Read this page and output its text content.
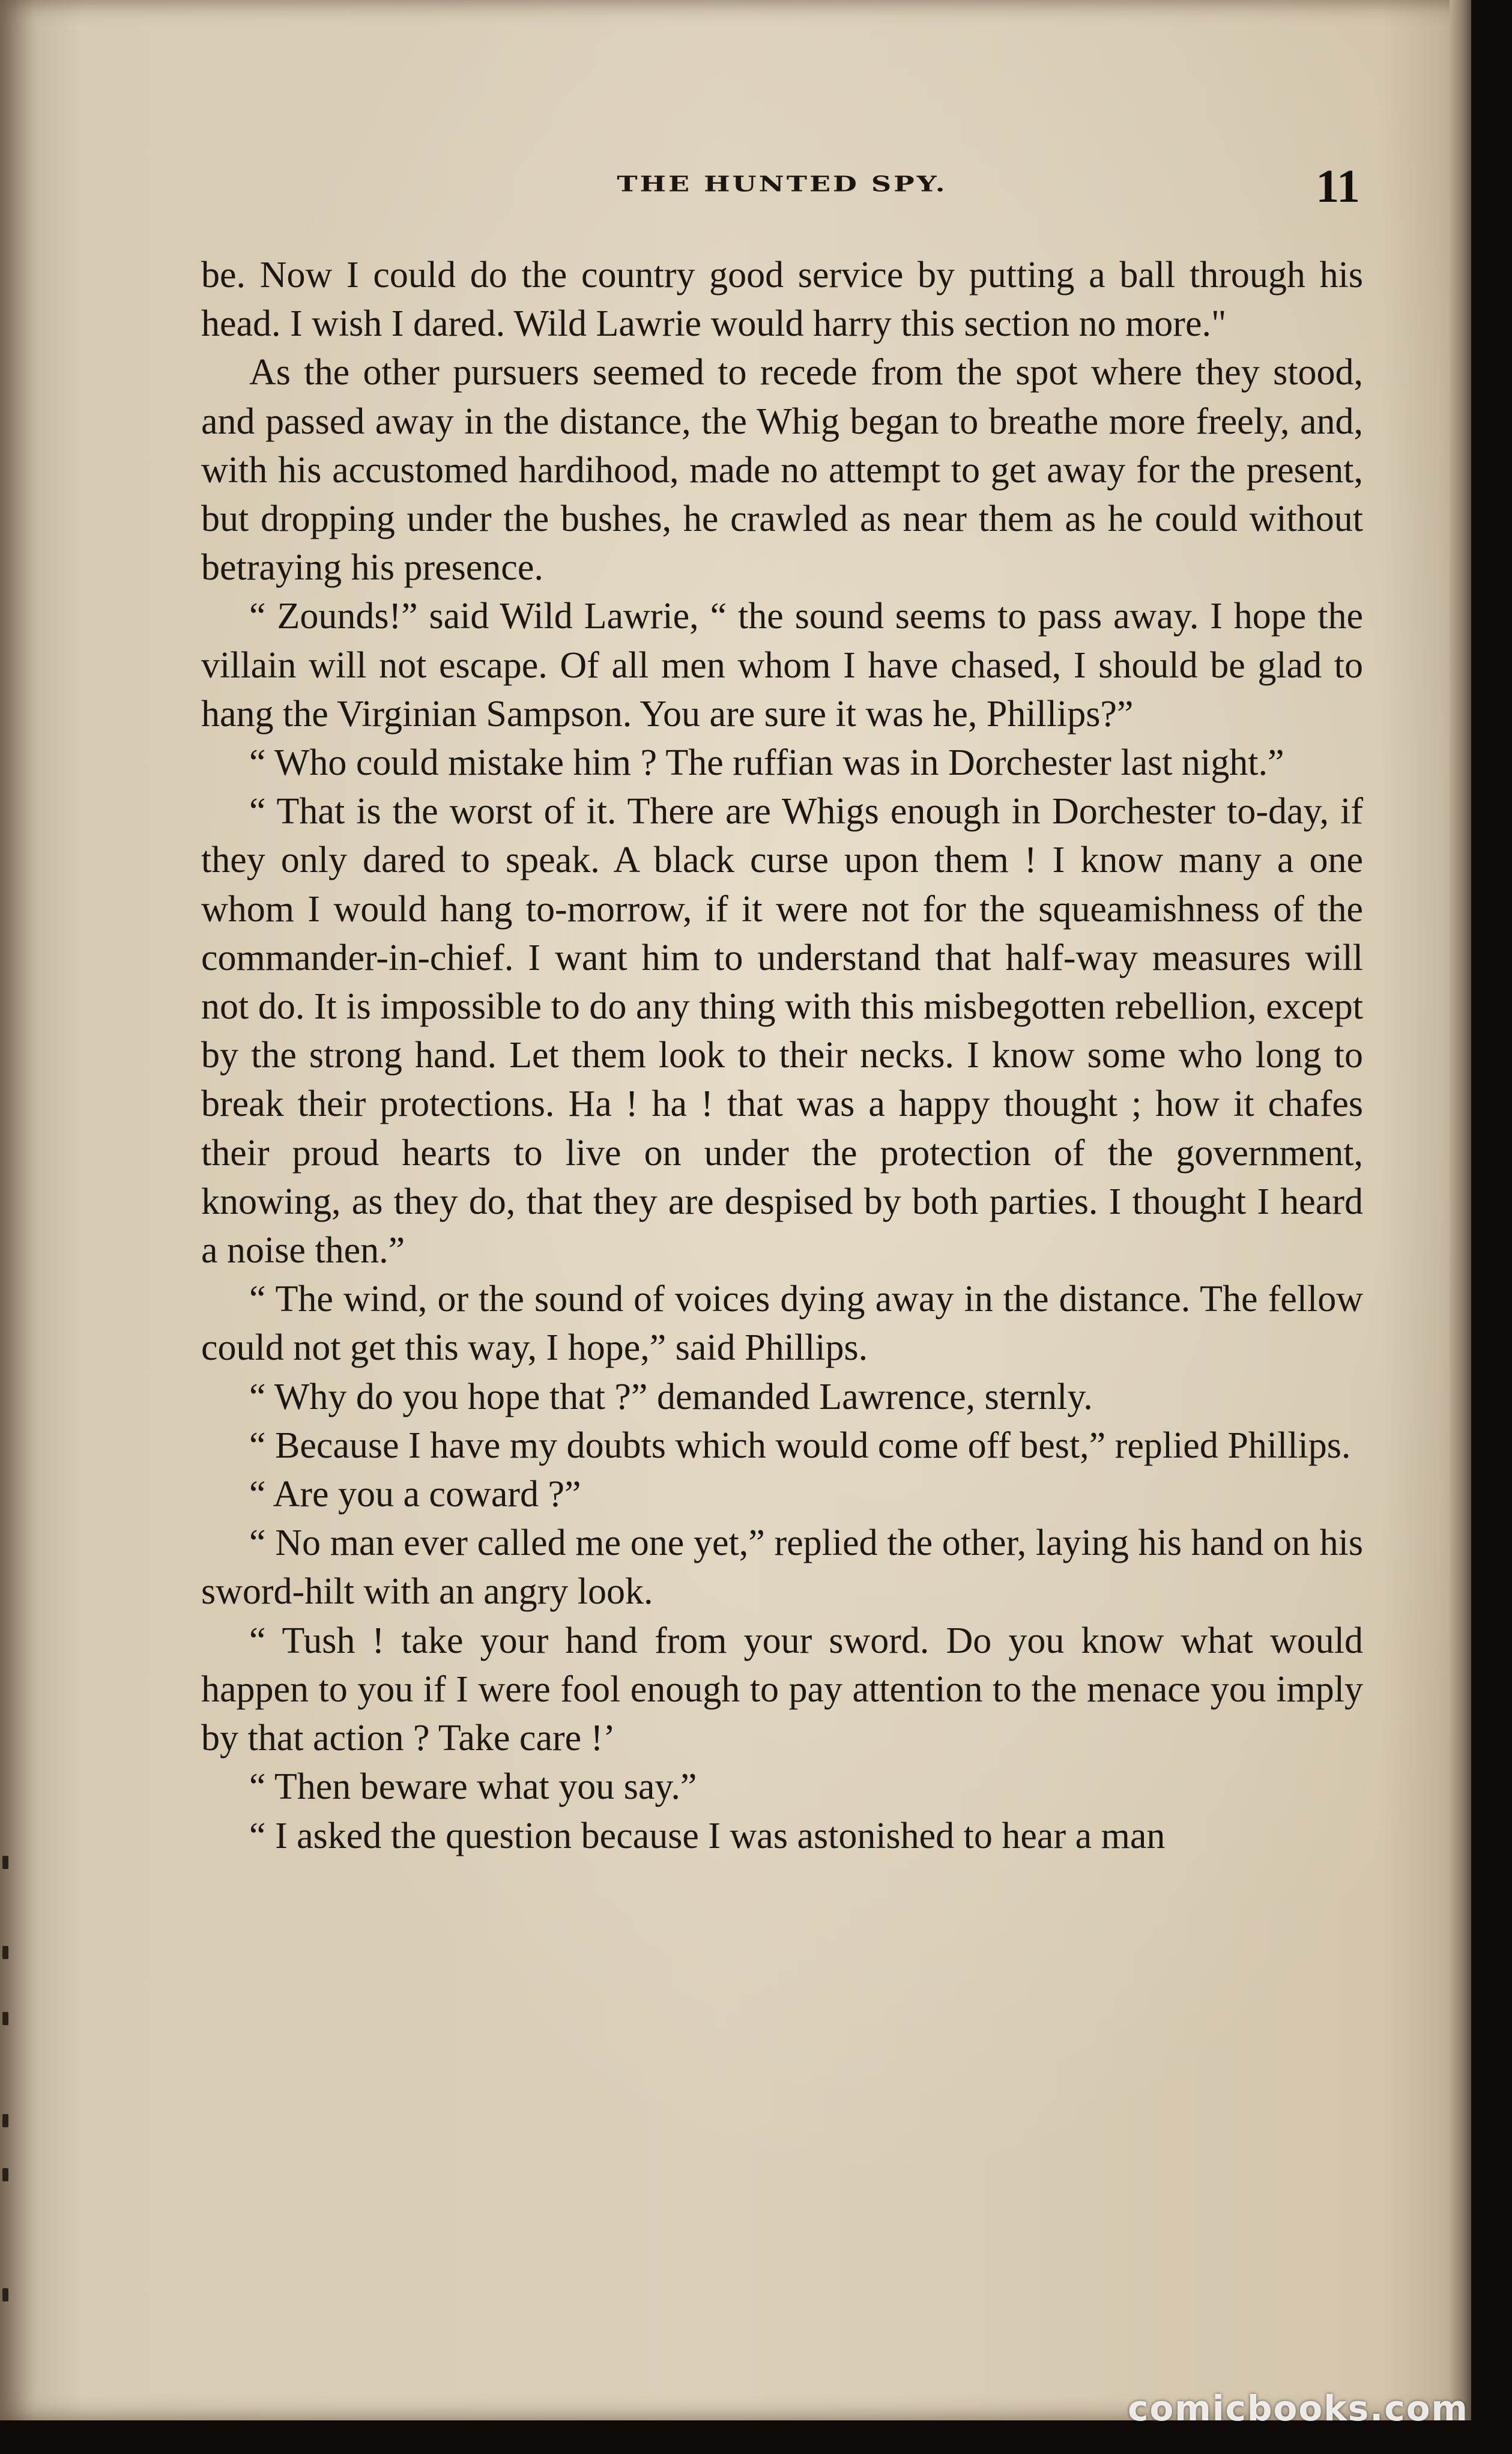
THE HUNTED SPY.	11

be. Now I could do the country good service by putting a ball through his head. I wish I dared. Wild Lawrie would harry this section no more."

As the other pursuers seemed to recede from the spot where they stood, and passed away in the distance, the Whig began to breathe more freely, and, with his accustomed hardihood, made no attempt to get away for the present, but dropping under the bushes, he crawled as near them as he could without betraying his presence.

“ Zounds!” said Wild Lawrie, “ the sound seems to pass away. I hope the villain will not escape. Of all men whom I have chased, I should be glad to hang the Virginian Sampson. You are sure it was he, Phillips?”

“ Who could mistake him ? The ruffian was in Dorchester last night.”

“ That is the worst of it. There are Whigs enough in Dorchester to-day, if they only dared to speak. A black curse upon them ! I know many a one whom I would hang to-morrow, if it were not for the squeamishness of the commander-in-chief. I want him to understand that half-way measures will not do. It is impossible to do any thing with this misbegotten rebellion, except by the strong hand. Let them look to their necks. I know some who long to break their protections. Ha ! ha ! that was a happy thought ; how it chafes their proud hearts to live on under the protection of the government, knowing, as they do, that they are despised by both parties. I thought I heard a noise then.”

“ The wind, or the sound of voices dying away in the distance. The fellow could not get this way, I hope,” said Phillips.

“ Why do you hope that ?” demanded Lawrence, sternly.

“ Because I have my doubts which would come off best,” replied Phillips.

“ Are you a coward ?”

“ No man ever called me one yet,” replied the other, laying his hand on his sword-hilt with an angry look.

“ Tush ! take your hand from your sword. Do you know what would happen to you if I were fool enough to pay attention to the menace you imply by that action ? Take care !’

“ Then beware what you say.”

“ I asked the question because I was astonished to hear a man

comicbooks.com
